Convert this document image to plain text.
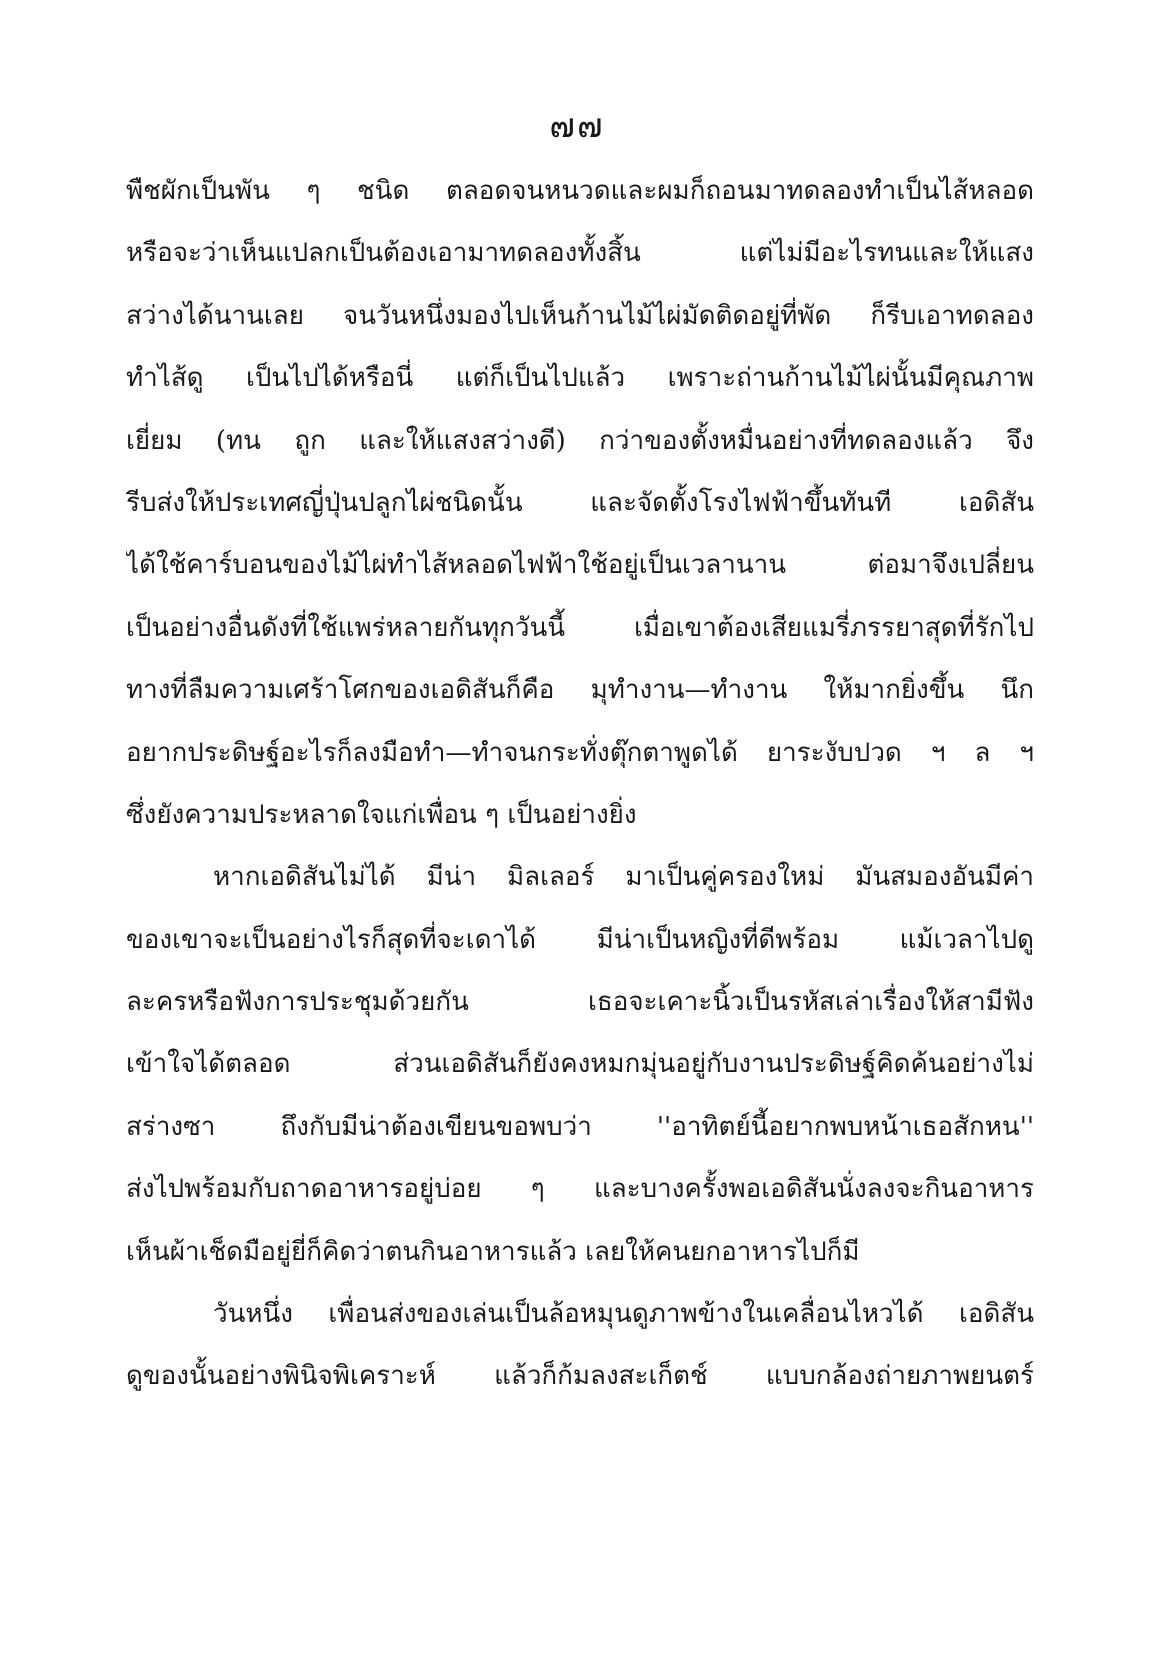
๗๗
พืชผักเป็นพัน ๆ ชนิด ตลอดจนหนวดและผมก็ถอนมาทดลองทำเป็นไส้หลอด
หรือจะว่าเห็นแปลกเป็นต้องเอามาทดลองทั้งสิ้น แต่ไม่มีอะไรทนและให้แสง
สว่างได้นานเลย จนวันหนึ่งมองไปเห็นก้านไม้ไผ่มัดติดอยู่ที่พัด ก็รีบเอาทดลอง
ทำไส้ดู เป็นไปได้หรือนี่ แต่ก็เป็นไปแล้ว เพราะถ่านก้านไม้ไผ่นั้นมีคุณภาพ
เยี่ยม (ทน ถูก และให้แสงสว่างดี) กว่าของตั้งหมื่นอย่างที่ทดลองแล้ว จึง
รีบส่งให้ประเทศญี่ปุ่นปลูกไผ่ชนิดนั้น และจัดตั้งโรงไฟฟ้าขึ้นทันที เอดิสัน
ได้ใช้คาร์บอนของไม้ไผ่ทำไส้หลอดไฟฟ้าใช้อยู่เป็นเวลานาน ต่อมาจึงเปลี่ยน
เป็นอย่างอื่นดังที่ใช้แพร่หลายกันทุกวันนี้ เมื่อเขาต้องเสียแมรี่ภรรยาสุดที่รักไป
ทางที่ลืมความเศร้าโศกของเอดิสันก็คือ มุทำงาน—ทำงาน ให้มากยิ่งขึ้น นึก
อยากประดิษฐ์อะไรก็ลงมือทำ—ทำจนกระทั่งตุ๊กตาพูดได้ ยาระงับปวด ฯ ล ฯ
ซึ่งยังความประหลาดใจแก่เพื่อน ๆ เป็นอย่างยิ่ง
หากเอดิสันไม่ได้ มีน่า มิลเลอร์ มาเป็นคู่ครองใหม่ มันสมองอันมีค่า
ของเขาจะเป็นอย่างไรก็สุดที่จะเดาได้ มีน่าเป็นหญิงที่ดีพร้อม แม้เวลาไปดู
ละครหรือฟังการประชุมด้วยกัน เธอจะเคาะนิ้วเป็นรหัสเล่าเรื่องให้สามีฟัง
เข้าใจได้ตลอด ส่วนเอดิสันก็ยังคงหมกมุ่นอยู่กับงานประดิษฐ์คิดค้นอย่างไม่
สร่างซา ถึงกับมีน่าต้องเขียนขอพบว่า ''อาทิตย์นี้อยากพบหน้าเธอสักหน''
ส่งไปพร้อมกับถาดอาหารอยู่บ่อย ๆ และบางครั้งพอเอดิสันนั่งลงจะกินอาหาร
เห็นผ้าเช็ดมือยู่ยี่ก็คิดว่าตนกินอาหารแล้ว เลยให้คนยกอาหารไปก็มี
วันหนึ่ง เพื่อนส่งของเล่นเป็นล้อหมุนดูภาพข้างในเคลื่อนไหวได้ เอดิสัน
ดูของนั้นอย่างพินิจพิเคราะห์ แล้วก็ก้มลงสะเก็ตช์ แบบกล้องถ่ายภาพยนตร์
